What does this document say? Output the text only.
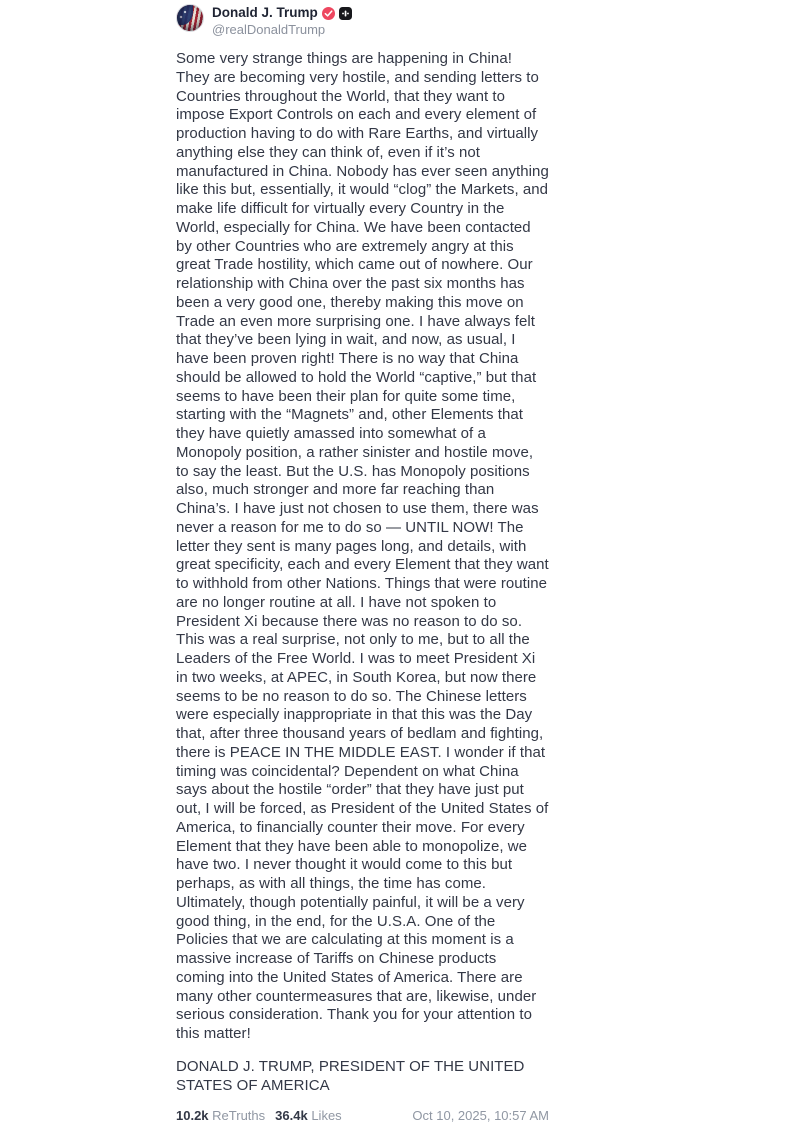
Donald J. Trump
@realDonaldTrump
Some very strange things are happening in China! They are becoming very hostile, and sending letters to Countries throughout the World, that they want to impose Export Controls on each and every element of production having to do with Rare Earths, and virtually anything else they can think of, even if it’s not manufactured in China. Nobody has ever seen anything like this but, essentially, it would “clog” the Markets, and make life difficult for virtually every Country in the World, especially for China. We have been contacted by other Countries who are extremely angry at this great Trade hostility, which came out of nowhere. Our relationship with China over the past six months has been a very good one, thereby making this move on Trade an even more surprising one. I have always felt that they’ve been lying in wait, and now, as usual, I have been proven right! There is no way that China should be allowed to hold the World “captive,” but that seems to have been their plan for quite some time, starting with the “Magnets” and, other Elements that they have quietly amassed into somewhat of a Monopoly position, a rather sinister and hostile move, to say the least. But the U.S. has Monopoly positions also, much stronger and more far reaching than China’s. I have just not chosen to use them, there was never a reason for me to do so — UNTIL NOW! The letter they sent is many pages long, and details, with great specificity, each and every Element that they want to withhold from other Nations. Things that were routine are no longer routine at all. I have not spoken to President Xi because there was no reason to do so. This was a real surprise, not only to me, but to all the Leaders of the Free World. I was to meet President Xi in two weeks, at APEC, in South Korea, but now there seems to be no reason to do so. The Chinese letters were especially inappropriate in that this was the Day that, after three thousand years of bedlam and fighting, there is PEACE IN THE MIDDLE EAST. I wonder if that timing was coincidental? Dependent on what China says about the hostile “order” that they have just put out, I will be forced, as President of the United States of America, to financially counter their move. For every Element that they have been able to monopolize, we have two. I never thought it would come to this but perhaps, as with all things, the time has come. Ultimately, though potentially painful, it will be a very good thing, in the end, for the U.S.A. One of the Policies that we are calculating at this moment is a massive increase of Tariffs on Chinese products coming into the United States of America. There are many other countermeasures that are, likewise, under serious consideration. Thank you for your attention to this matter!
DONALD J. TRUMP, PRESIDENT OF THE UNITED STATES OF AMERICA
10.2k ReTruths 36.4k Likes	Oct 10, 2025, 10:57 AM
